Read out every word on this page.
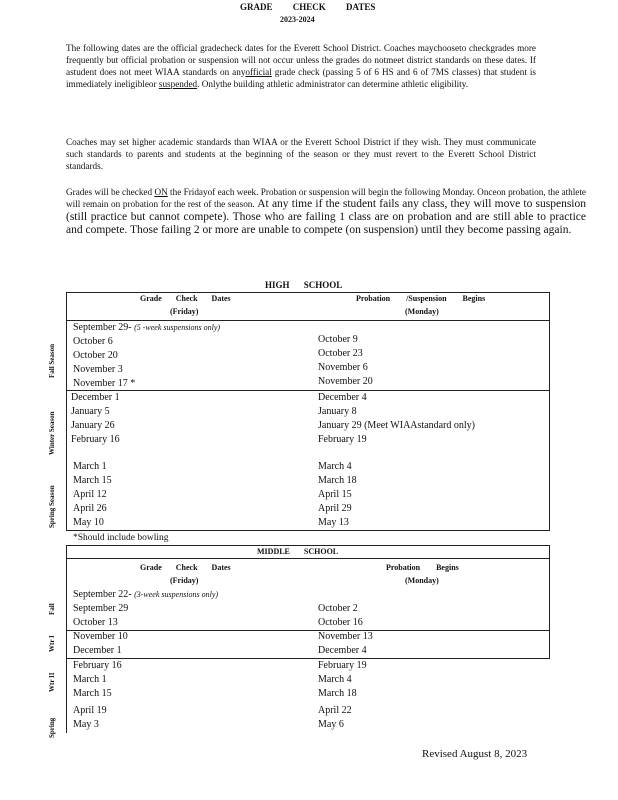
GRADE CHECK DATES
2023-2024
The following dates are the official gradecheck dates for the Everett School District. Coaches maychooseto checkgrades more frequently but official probation or suspension will not occur unless the grades do notmeet district standards on these dates. If astudent does not meet WIAA standards on anyofficial grade check (passing 5 of 6 HS and 6 of 7MS classes) that student is immediately ineligibleor suspended. Onlythe building athletic administrator can determine athletic eligibility.
Coaches may set higher academic standards than WIAA or the Everett School District if they wish. They must communicate such standards to parents and students at the beginning of the season or they must revert to the Everett School District standards.
Grades will be checked ON the Fridayof each week. Probation or suspension will begin the following Monday. Onceon probation, the athlete will remain on probation for the rest of the season. At any time if the student fails any class, they will move to suspension (still practice but cannot compete). Those who are failing 1 class are on probation and are still able to practice and compete. Those failing 2 or more are unable to compete (on suspension) until they become passing again.
HIGH SCHOOL
Grade Check Dates
(Friday)
Probation /Suspension Begins
(Monday)
September 29- (5 -week suspensions only)
Fall Season
October 6
October 20
November 3
November 17 *
October 9
October 23
November 6
November 20
Winter Season
December 1
January 5
January 26
February 16
December 4
January 8
January 29 (Meet WIAAstandard only)
February 19
Spring Season
March 1
March 15
April 12
April 26
May 10
March 4
March 18
April 15
April 29
May 13
*Should include bowling
MIDDLE SCHOOL
Grade Check Dates
(Friday)
Probation Begins
(Monday)
September 22- (3-week suspensions only)
Fall September 29
October 13
October 2
October 16
Wtr I November 10
December 1
November 13
December 4
Wtr II
February 16
March 1
March 15
February 19
March 4
March 18
Spring
April 19
May 3
April 22
May 6
Revised August 8, 2023
